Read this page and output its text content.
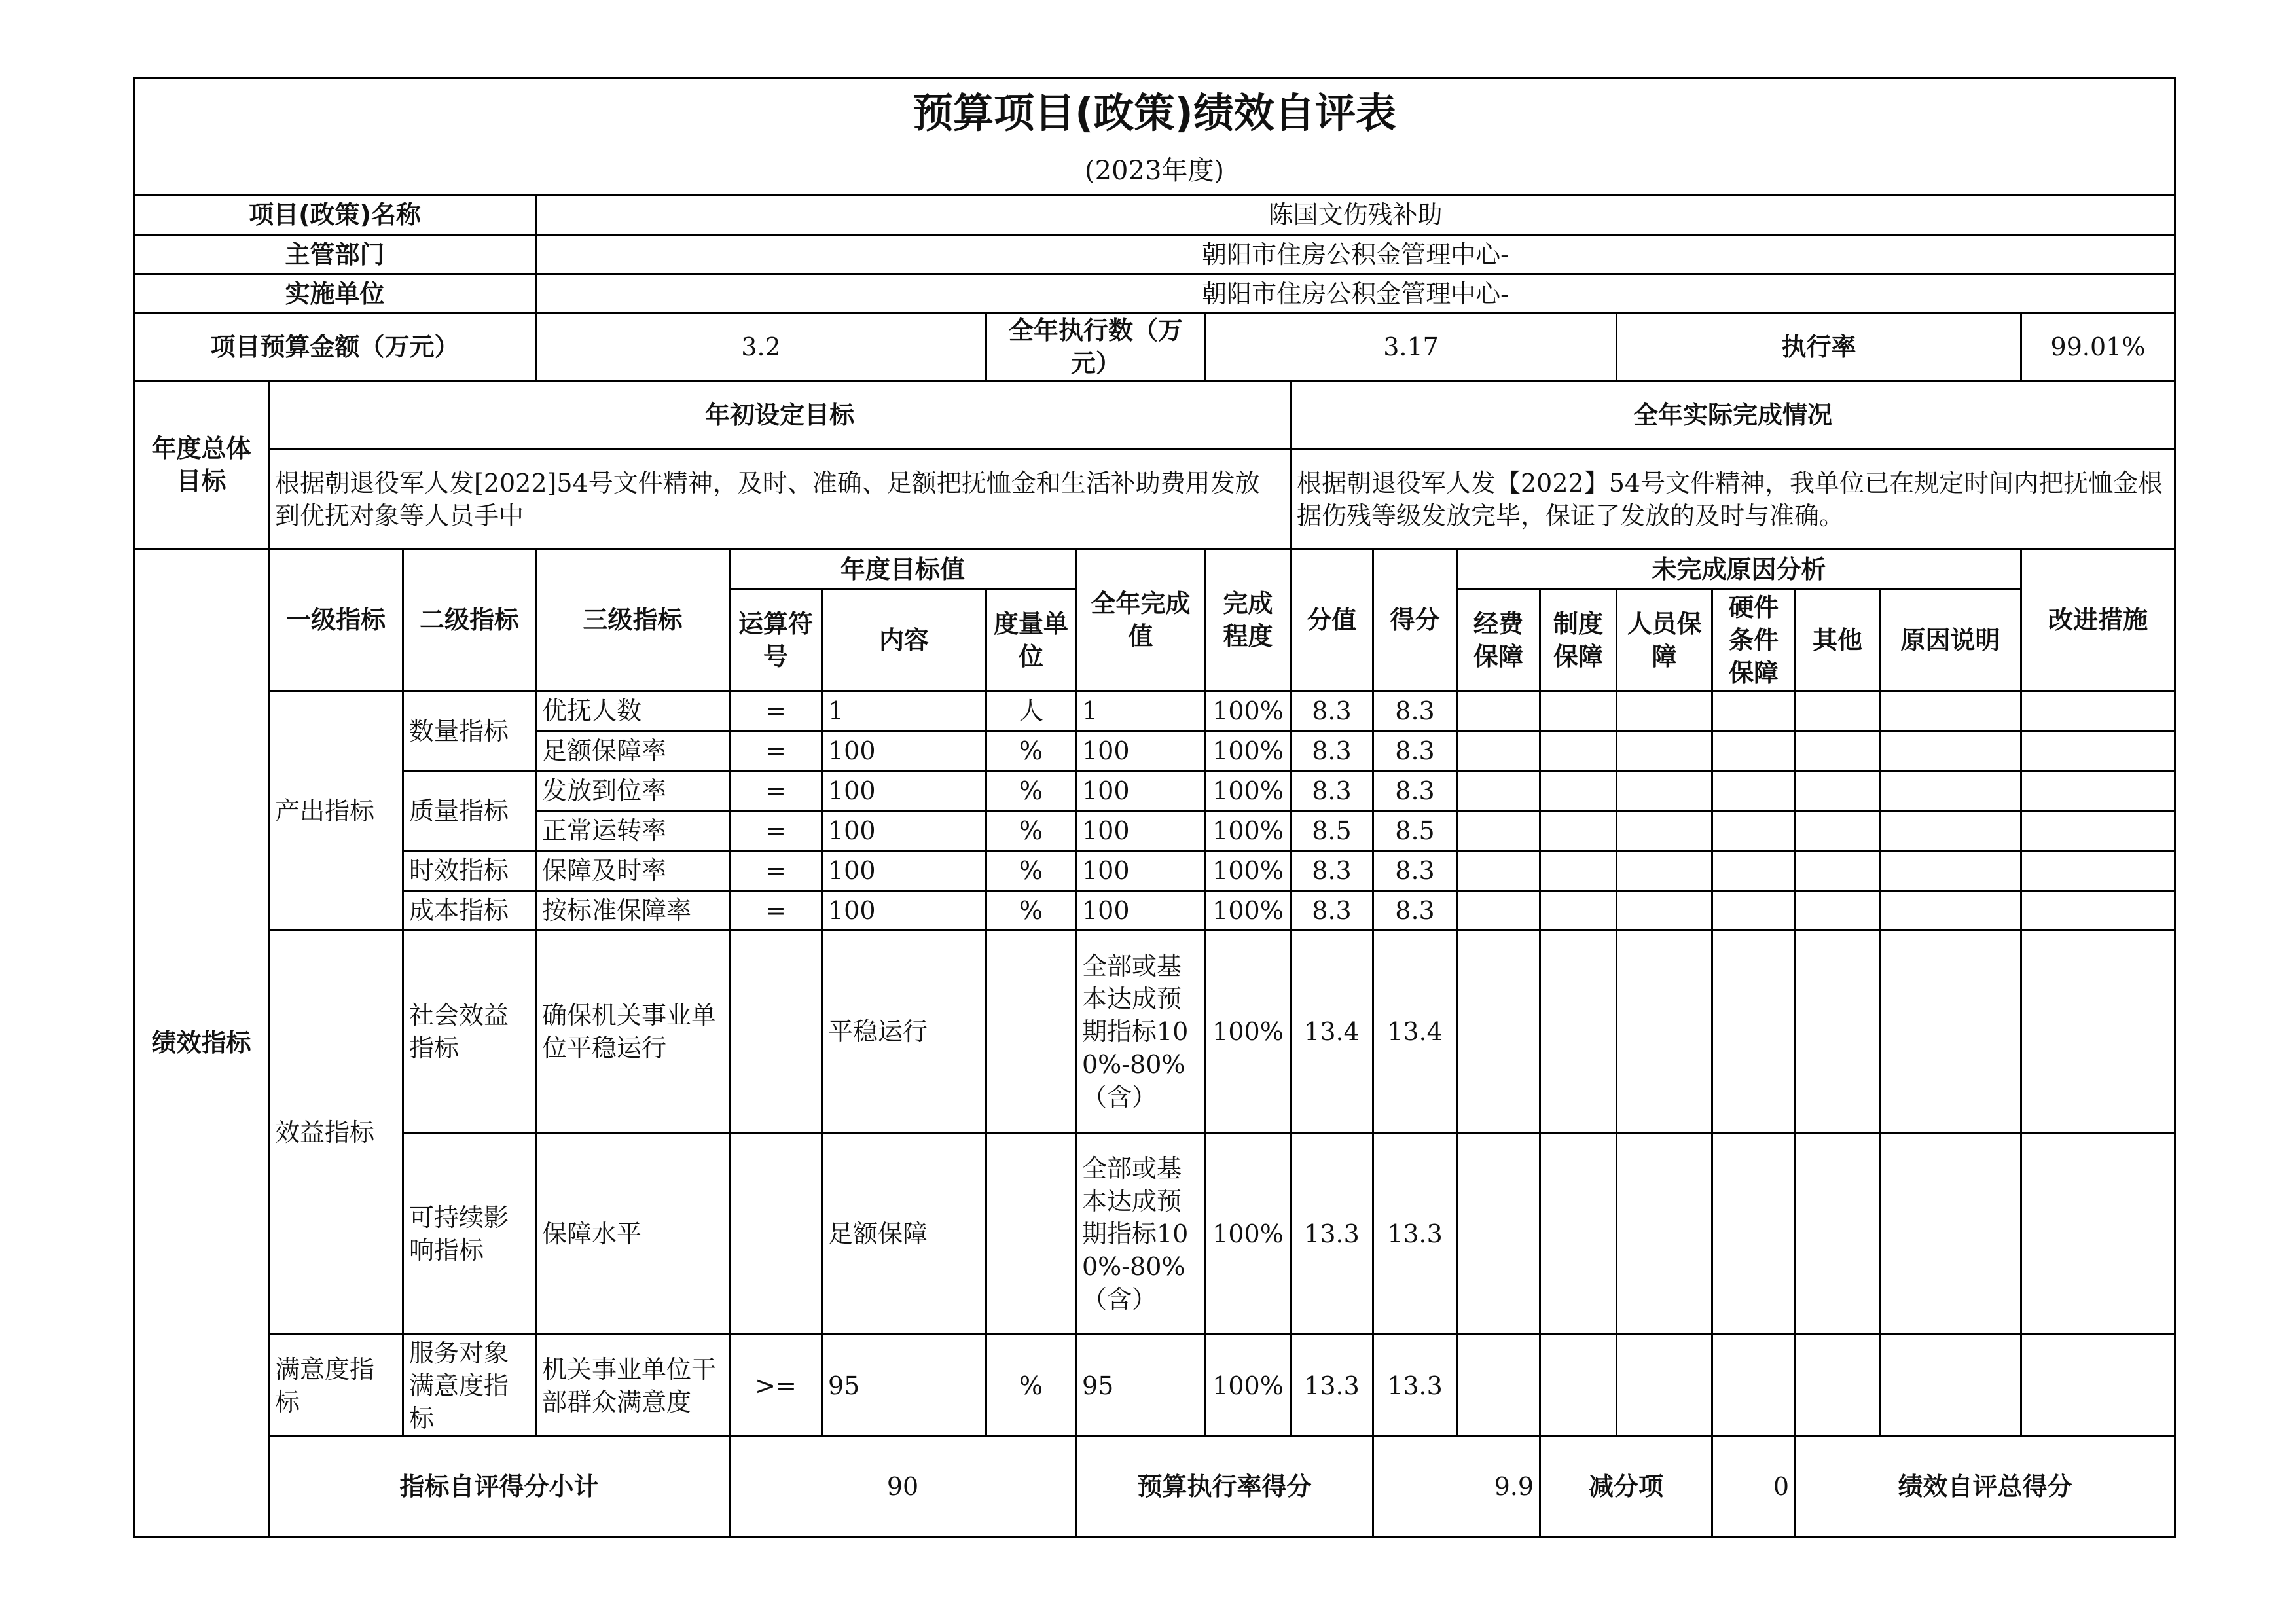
预算项目(政策)绩效自评表																		
(2023年度)																		
项目(政策)名称			陈国文伤残补助															
主管部门			朝阳市住房公积金管理中心-															
实施单位			朝阳市住房公积金管理中心-															
项目预算金额（万元）			3.2			全年执行数（万元）		3.17					执行率				99.01%	
年度总体目标	年初设定目标								全年实际完成情况									
	根据朝退役军人发[2022]54号文件精神，及时、准确、足额把抚恤金和生活补助费用发放到优抚对象等人员手中								根据朝退役军人发【2022】54号文件精神，我单位已在规定时间内把抚恤金根据伤残等级发放完毕，保证了发放的及时与准确。									
绩效指标	一级指标	二级指标	三级指标	年度目标值			全年完成值	完成程度	分值	得分	未完成原因分析						改进措施	
				运算符号	内容	度量单位					经费保障	制度保障	人员保障	硬件条件保障	其他	原因说明		
	产出指标	数量指标	优抚人数	=	1	人	1	100%	8.3	8.3								
			足额保障率	=	100	%	100	100%	8.3	8.3								
		质量指标	发放到位率	=	100	%	100	100%	8.3	8.3								
			正常运转率	=	100	%	100	100%	8.5	8.5								
		时效指标	保障及时率	=	100	%	100	100%	8.3	8.3								
		成本指标	按标准保障率	=	100	%	100	100%	8.3	8.3								
	效益指标	社会效益指标	确保机关事业单位平稳运行		平稳运行		全部或基本达成预期指标100%-80%（含）	100%	13.4	13.4								
		可持续影响指标	保障水平		足额保障		全部或基本达成预期指标100%-80%（含）	100%	13.3	13.3								
	满意度指标	服务对象满意度指标	机关事业单位干部群众满意度	>=	95	%	95	100%	13.3	13.3								
	指标自评得分小计			90			预算执行率得分			9.9		减分项		0	绩效自评总得分	
